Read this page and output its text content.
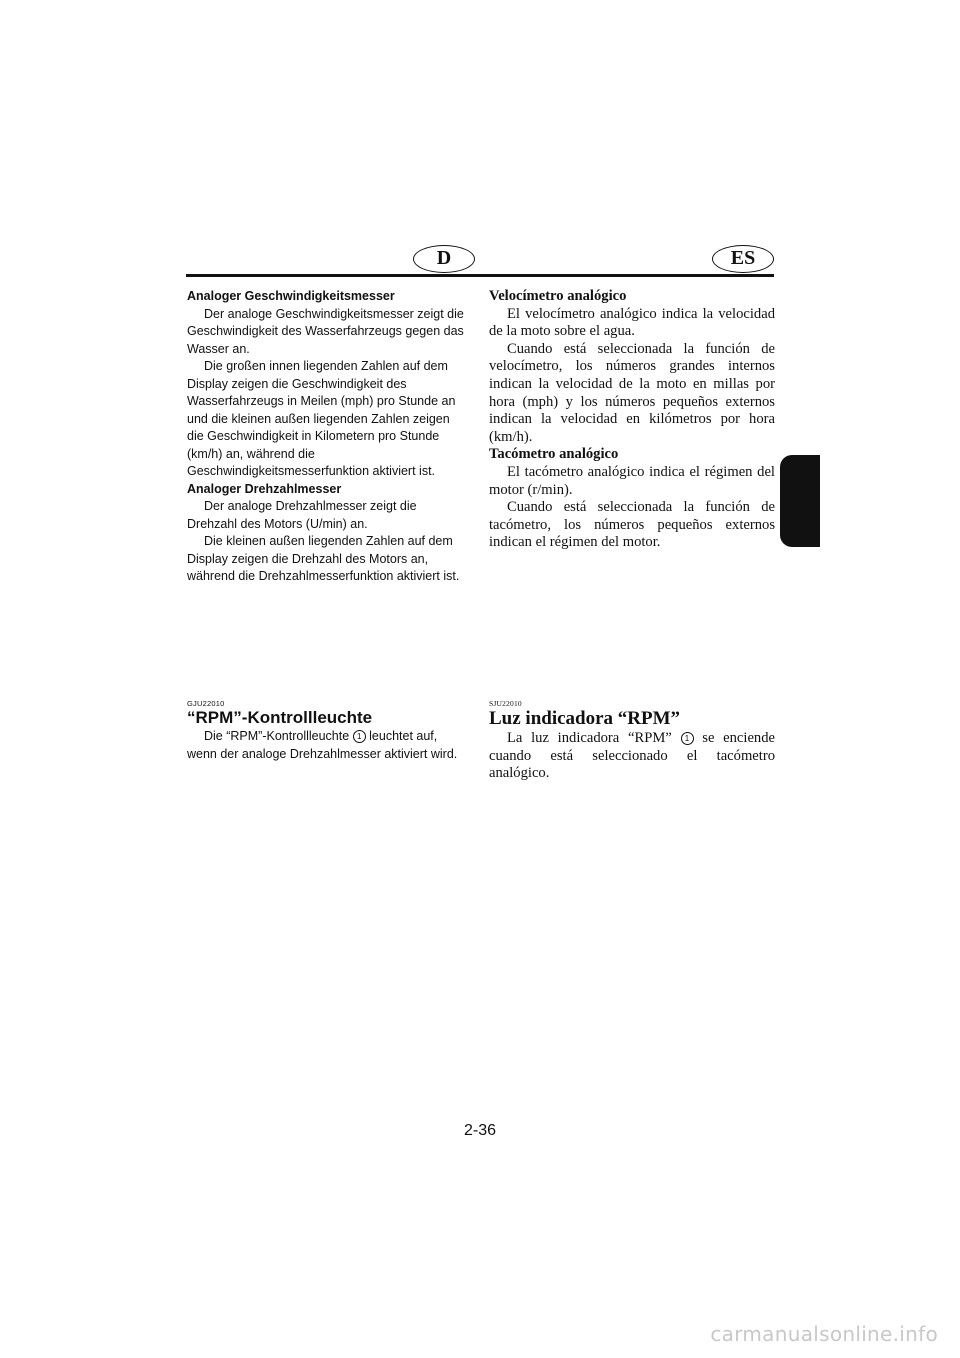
D	ES

Analoger Geschwindigkeitsmesser

Der analoge Geschwindigkeitsmesser zeigt die Geschwindigkeit des Wasserfahrzeugs gegen das Wasser an.

Die großen innen liegenden Zahlen auf dem Display zeigen die Geschwindigkeit des Wasserfahrzeugs in Meilen (mph) pro Stunde an und die kleinen außen liegenden Zahlen zeigen die Geschwindigkeit in Kilometern pro Stunde (km/h) an, während die Geschwindigkeitsmesserfunktion aktiviert ist.

Analoger Drehzahlmesser

Der analoge Drehzahlmesser zeigt die Drehzahl des Motors (U/min) an.

Die kleinen außen liegenden Zahlen auf dem Display zeigen die Drehzahl des Motors an, während die Drehzahlmesserfunktion aktiviert ist.

Velocímetro analógico

El velocímetro analógico indica la velocidad de la moto sobre el agua.

Cuando está seleccionada la función de velocímetro, los números grandes internos indican la velocidad de la moto en millas por hora (mph) y los números pequeños externos indican la velocidad en kilómetros por hora (km/h).

Tacómetro analógico

El tacómetro analógico indica el régimen del motor (r/min).

Cuando está seleccionada la función de tacómetro, los números pequeños externos indican el régimen del motor.

GJU22010

“RPM”-Kontrollleuchte

Die “RPM”-Kontrollleuchte 1 leuchtet auf, wenn der analoge Drehzahlmesser aktiviert wird.

SJU22010

Luz indicadora “RPM”

La luz indicadora “RPM” 1 se enciende cuando está seleccionado el tacómetro analógico.

2-36
carmanualsonline.info
